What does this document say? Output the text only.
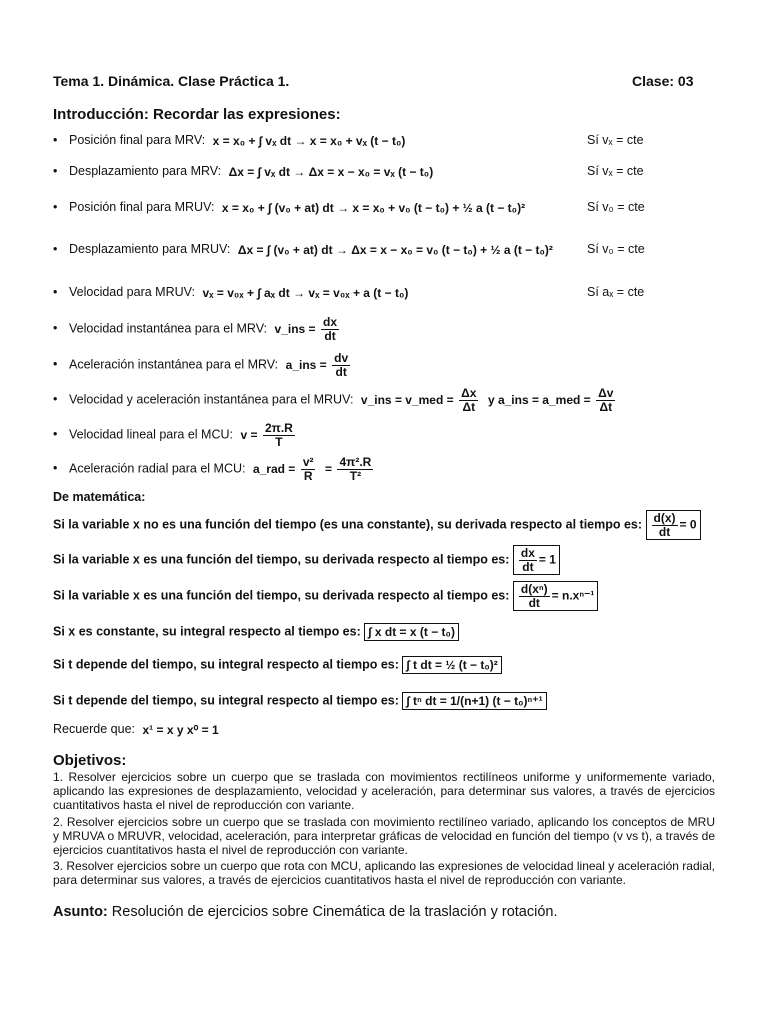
Tema 1. Dinámica. Clase Práctica 1.	Clase: 03
Introducción: Recordar las expresiones:
• Posición final para MRV: x = x₀ + ∫ vₓ dt → x = x₀ + vₓ (t − t₀)	Sí vₓ = cte
• Desplazamiento para MRV: Δx = ∫ vₓ dt → Δx = x − x₀ = vₓ (t − t₀)	Sí vₓ = cte
• Posición final para MRUV: x = x₀ + ∫ (v₀ + at) dt → x = x₀ + v₀ (t − t₀) + ½ a (t − t₀)²	Sí v₀ = cte
• Desplazamiento para MRUV: Δx = ∫ (v₀ + at) dt → Δx = x − x₀ = v₀ (t − t₀) + ½ a (t − t₀)²	Sí v₀ = cte
• Velocidad para MRUV: vₓ = v₀ₓ + ∫ aₓ dt → vₓ = v₀ₓ + a (t − t₀)	Sí aₓ = cte
• Velocidad instantánea para el MRV: v_ins = $\frac{dx}{dt}$
• Aceleración instantánea para el MRV: a_ins = $\frac{dv}{dt}$
• Velocidad y aceleración instantánea para el MRUV: v_ins = v_med = $\frac{\Delta x}{\Delta t}$ y a_ins = a_med = $\frac{\Delta v}{\Delta t}$
• Velocidad lineal para el MCU: $v = \frac{2\pi.R}{T}$
• Aceleración radial para el MCU: a_rad = $\frac{\text{v²}}{R} = \frac{\text{4π².R}}{\text{T²}}$
De matemática:
Si la variable x no es una función del tiempo (es una constante), su derivada respecto al tiempo es: $\frac{d(x)}{dt} = 0$
Si la variable x es una función del tiempo, su derivada respecto al tiempo es: $\frac{dx}{dt} = 1$
Si la variable x es una función del tiempo, su derivada respecto al tiempo es: $\frac{\text{d(xⁿ)}}{dt} = n.x^{n-1}$
Si x es constante, su integral respecto al tiempo es: ∫ x dt = x (t − t₀)
Si t depende del tiempo, su integral respecto al tiempo es: ∫ t dt = ½ (t − t₀)²
Si t depende del tiempo, su integral respecto al tiempo es: ∫ tⁿ dt = 1/(n+1) (t − t₀)ⁿ⁺¹
Recuerde que: x¹ = x y x⁰ = 1
Objetivos:
1. Resolver ejercicios sobre un cuerpo que se traslada con movimientos rectilíneos uniforme y uniformemente variado, aplicando las expresiones de desplazamiento, velocidad y aceleración, para determinar sus valores, a través de ejercicios cuantitativos hasta el nivel de reproducción con variante.
2. Resolver ejercicios sobre un cuerpo que se traslada con movimiento rectilíneo variado, aplicando los conceptos de MRU y MRUVA o MRUVR, velocidad, aceleración, para interpretar gráficas de velocidad en función del tiempo (v vs t), a través de ejercicios cuantitativos hasta el nivel de reproducción con variante.
3. Resolver ejercicios sobre un cuerpo que rota con MCU, aplicando las expresiones de velocidad lineal y aceleración radial, para determinar sus valores, a través de ejercicios cuantitativos hasta el nivel de reproducción con variante.
Asunto: Resolución de ejercicios sobre Cinemática de la traslación y rotación.
